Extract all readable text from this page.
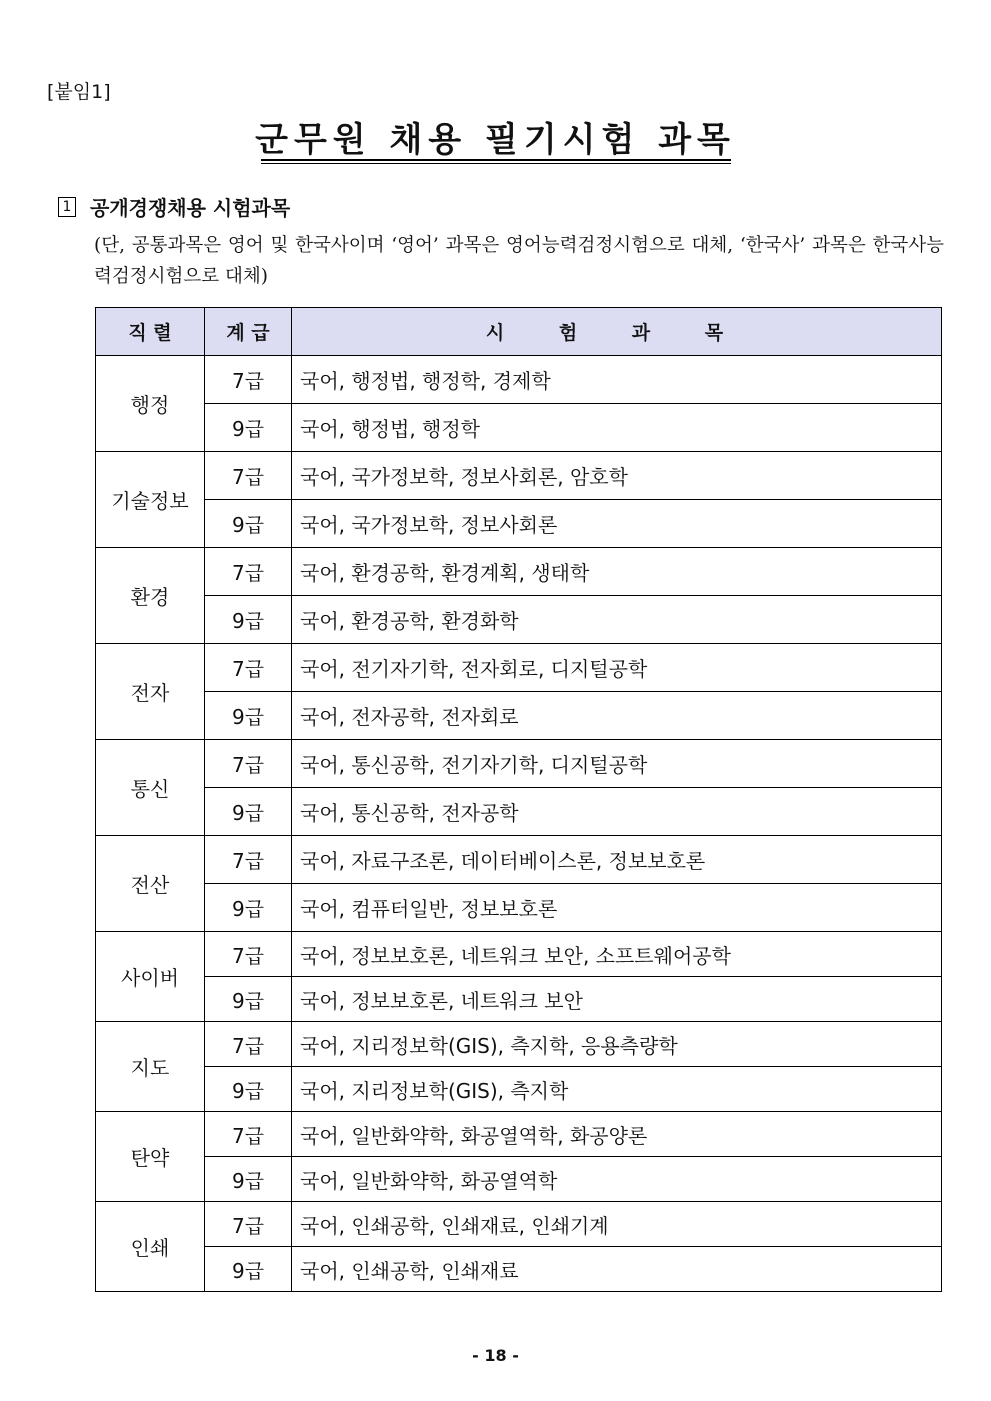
[붙임1]
군무원 채용 필기시험 과목
1 공개경쟁채용 시험과목
(단, 공통과목은 영어 및 한국사이며 ‘영어’ 과목은 영어능력검정시험으로 대체, ‘한국사’ 과목은 한국사능력검정시험으로 대체)
직 렬	계 급	시 험 과 목
행정	7급	국어, 행정법, 행정학, 경제학
	9급	국어, 행정법, 행정학
기술정보	7급	국어, 국가정보학, 정보사회론, 암호학
	9급	국어, 국가정보학, 정보사회론
환경	7급	국어, 환경공학, 환경계획, 생태학
	9급	국어, 환경공학, 환경화학
전자	7급	국어, 전기자기학, 전자회로, 디지털공학
	9급	국어, 전자공학, 전자회로
통신	7급	국어, 통신공학, 전기자기학, 디지털공학
	9급	국어, 통신공학, 전자공학
전산	7급	국어, 자료구조론, 데이터베이스론, 정보보호론
	9급	국어, 컴퓨터일반, 정보보호론
사이버	7급	국어, 정보보호론, 네트워크 보안, 소프트웨어공학
	9급	국어, 정보보호론, 네트워크 보안
지도	7급	국어, 지리정보학(GIS), 측지학, 응용측량학
	9급	국어, 지리정보학(GIS), 측지학
탄약	7급	국어, 일반화약학, 화공열역학, 화공양론
	9급	국어, 일반화약학, 화공열역학
인쇄	7급	국어, 인쇄공학, 인쇄재료, 인쇄기계
	9급	국어, 인쇄공학, 인쇄재료
- 18 -
